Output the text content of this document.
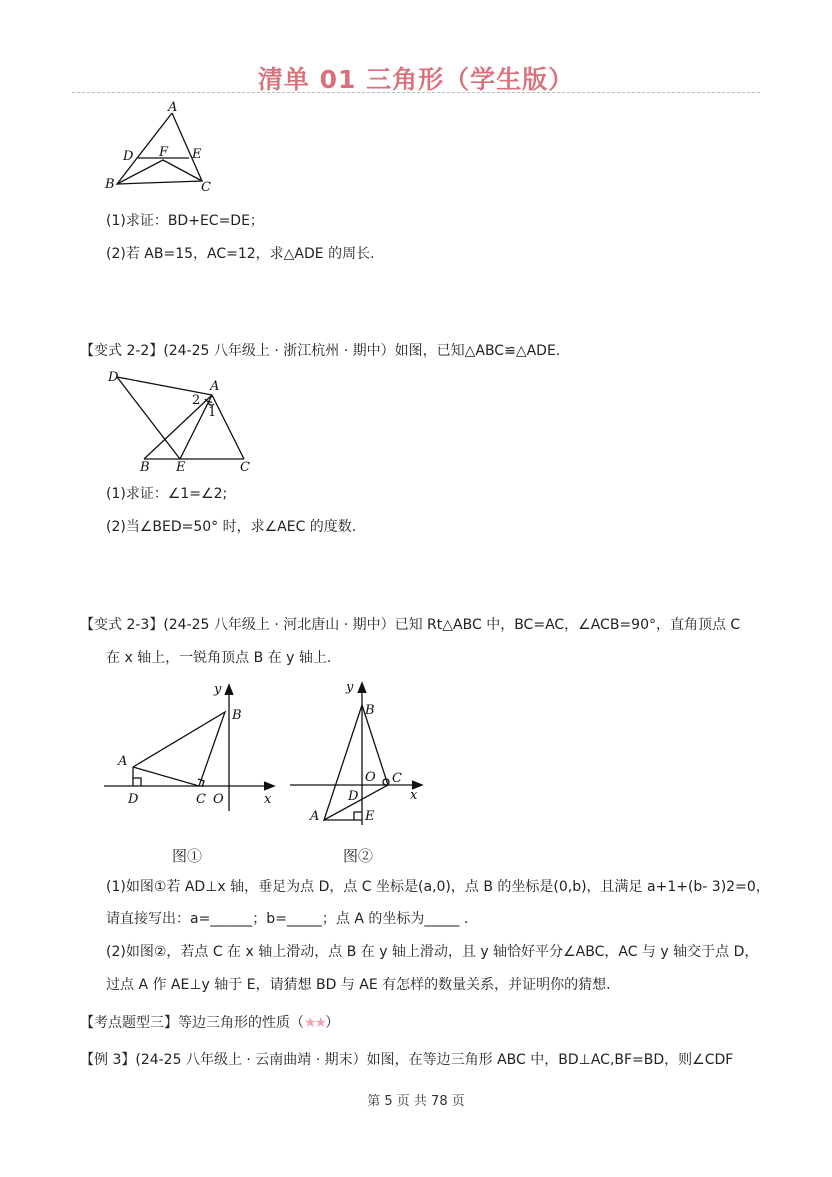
清单 01 三角形（学生版）
A
D F E
B	C
(1)求证：BD+EC=DE；
(2)若 AB=15，AC=12，求△ADE 的周长.
【变式 2-2】(24-25 八年级上 · 浙江杭州 · 期中）如图，已知△ABC≌△ADE.
D
A
2
1
B E	C
(1)求证：∠1=∠2;
(2)当∠BED=50° 时，求∠AEC 的度数.
【变式 2-3】(24-25 八年级上 · 河北唐山 · 期中）已知 Rt△ABC 中，BC=AC，∠ACB=90°，直角顶点 C
在 x 轴上，一锐角顶点 B 在 y 轴上.
y
B
A
D	C O	x
图①
y
B
O C
x
D
E
A
图②
(1)如图①若 AD⊥x 轴，垂足为点 D，点 C 坐标是(a,0)，点 B 的坐标是(0,b)，且满足 a+1+(b- 3)2=0，
请直接写出：a=______；b=_____；点 A 的坐标为_____ .
(2)如图②，若点 C 在 x 轴上滑动，点 B 在 y 轴上滑动，且 y 轴恰好平分∠ABC，AC 与 y 轴交于点 D，
过点 A 作 AE⊥y 轴于 E，请猜想 BD 与 AE 有怎样的数量关系，并证明你的猜想.
【考点题型三】等边三角形的性质（★★）
【例 3】(24-25 八年级上 · 云南曲靖 · 期末）如图，在等边三角形 ABC 中，BD⊥AC,BF=BD，则∠CDF
第 5 页 共 78 页
